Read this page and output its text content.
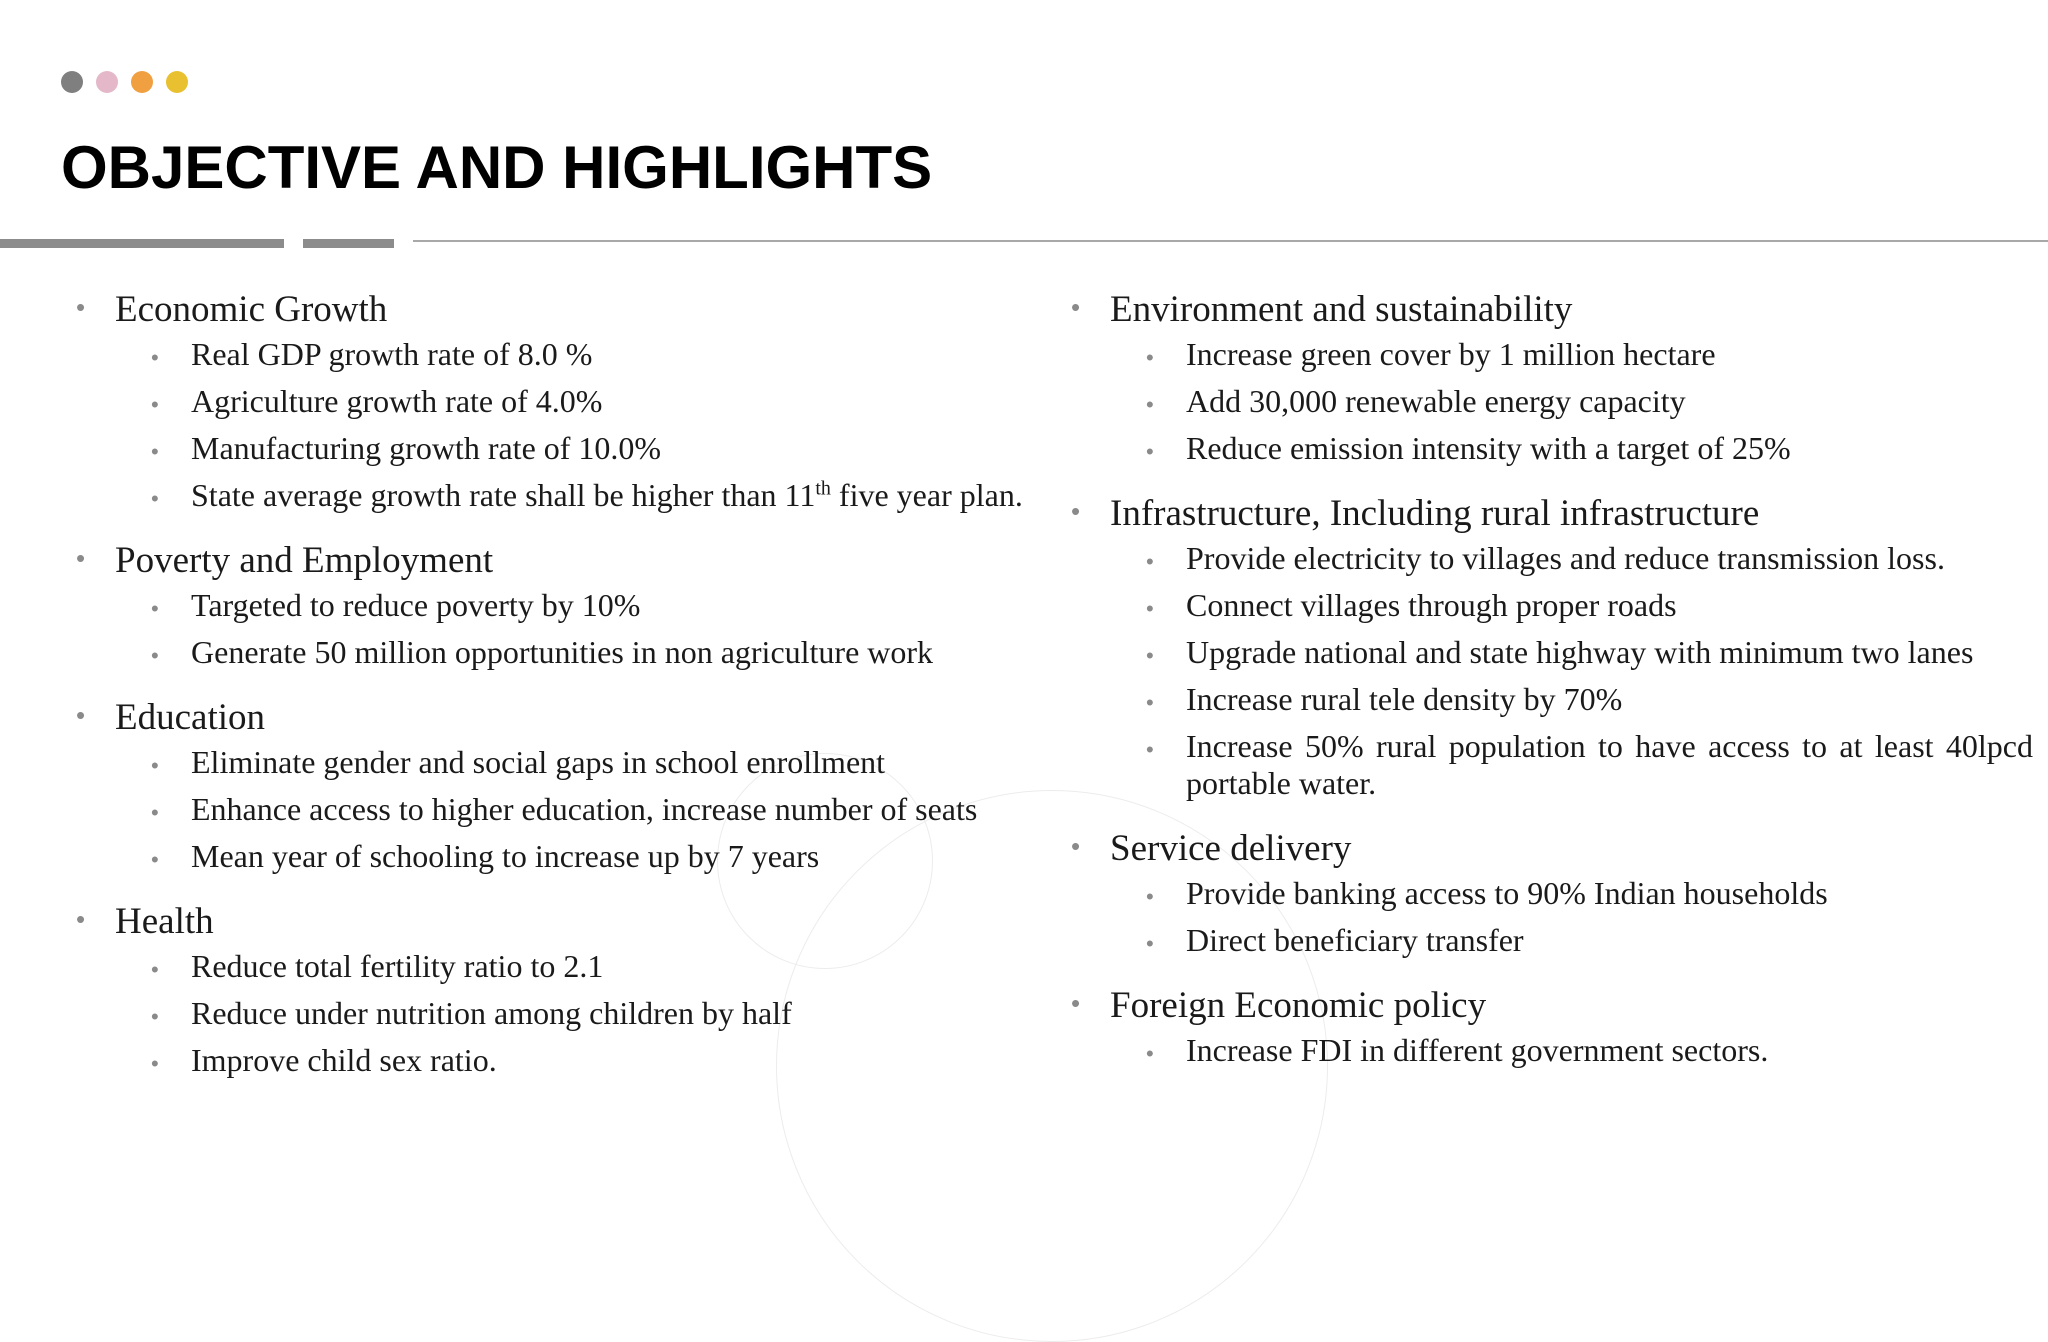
OBJECTIVE AND HIGHLIGHTS
• Economic Growth
• Real GDP growth rate of 8.0 %
• Agriculture growth rate of 4.0%
• Manufacturing growth rate of 10.0%
• State average growth rate shall be higher than 11th five year plan.
• Poverty and Employment
• Targeted to reduce poverty by 10%
• Generate 50 million opportunities in non agriculture work
• Education
• Eliminate gender and social gaps in school enrollment
• Enhance access to higher education, increase number of seats
• Mean year of schooling to increase up by 7 years
• Health
• Reduce total fertility ratio to 2.1
• Reduce under nutrition among children by half
• Improve child sex ratio.
• Environment and sustainability
• Increase green cover by 1 million hectare
• Add 30,000 renewable energy capacity
• Reduce emission intensity with a target of 25%
• Infrastructure, Including rural infrastructure
• Provide electricity to villages and reduce transmission loss.
• Connect villages through proper roads
• Upgrade national and state highway with minimum two lanes
• Increase rural tele density by 70%
• Increase 50% rural population to have access to at least 40lpcd portable water.
• Service delivery
• Provide banking access to 90% Indian households
• Direct beneficiary transfer
• Foreign Economic policy
• Increase FDI in different government sectors.
